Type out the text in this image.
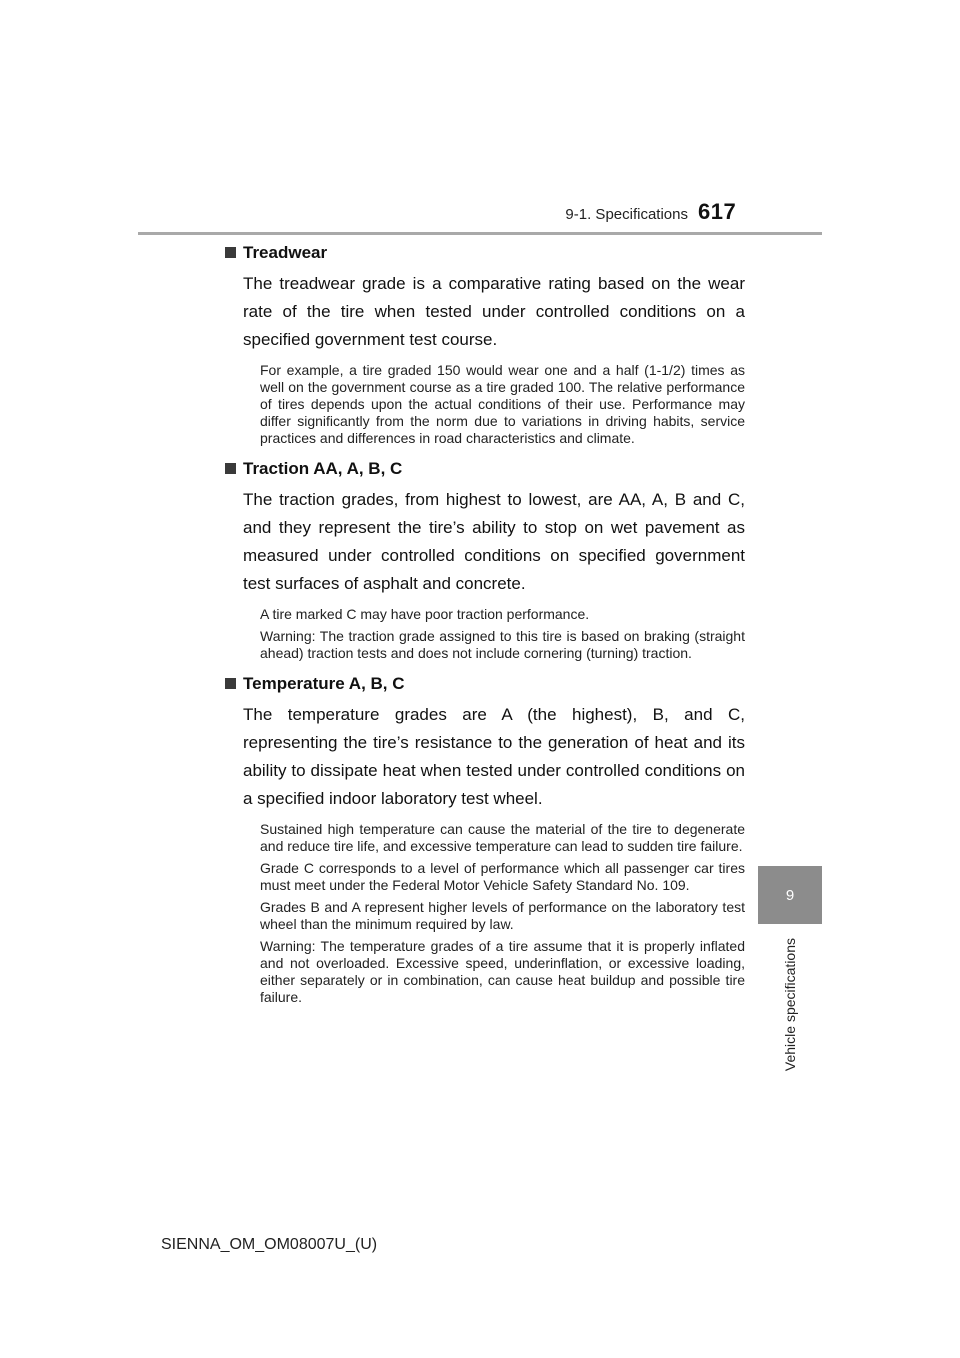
9-1. Specifications 617
9
Vehicle specifications
Treadwear

The treadwear grade is a comparative rating based on the wear rate of the tire when tested under controlled conditions on a specified government test course.

For example, a tire graded 150 would wear one and a half (1-1/2) times as well on the government course as a tire graded 100. The relative performance of tires depends upon the actual conditions of their use. Performance may differ significantly from the norm due to variations in driving habits, service practices and differences in road characteristics and climate.

Traction AA, A, B, C

The traction grades, from highest to lowest, are AA, A, B and C, and they represent the tire’s ability to stop on wet pavement as measured under controlled conditions on specified government test surfaces of asphalt and concrete.

A tire marked C may have poor traction performance.

Warning: The traction grade assigned to this tire is based on braking (straight ahead) traction tests and does not include cornering (turning) traction.

Temperature A, B, C

The temperature grades are A (the highest), B, and C, representing the tire’s resistance to the generation of heat and its ability to dissipate heat when tested under controlled conditions on a specified indoor laboratory test wheel.

Sustained high temperature can cause the material of the tire to degenerate and reduce tire life, and excessive temperature can lead to sudden tire failure.

Grade C corresponds to a level of performance which all passenger car tires must meet under the Federal Motor Vehicle Safety Standard No. 109.

Grades B and A represent higher levels of performance on the laboratory test wheel than the minimum required by law.

Warning: The temperature grades of a tire assume that it is properly inflated and not overloaded. Excessive speed, underinflation, or excessive loading, either separately or in combination, can cause heat buildup and possible tire failure.

SIENNA_OM_OM08007U_(U)
